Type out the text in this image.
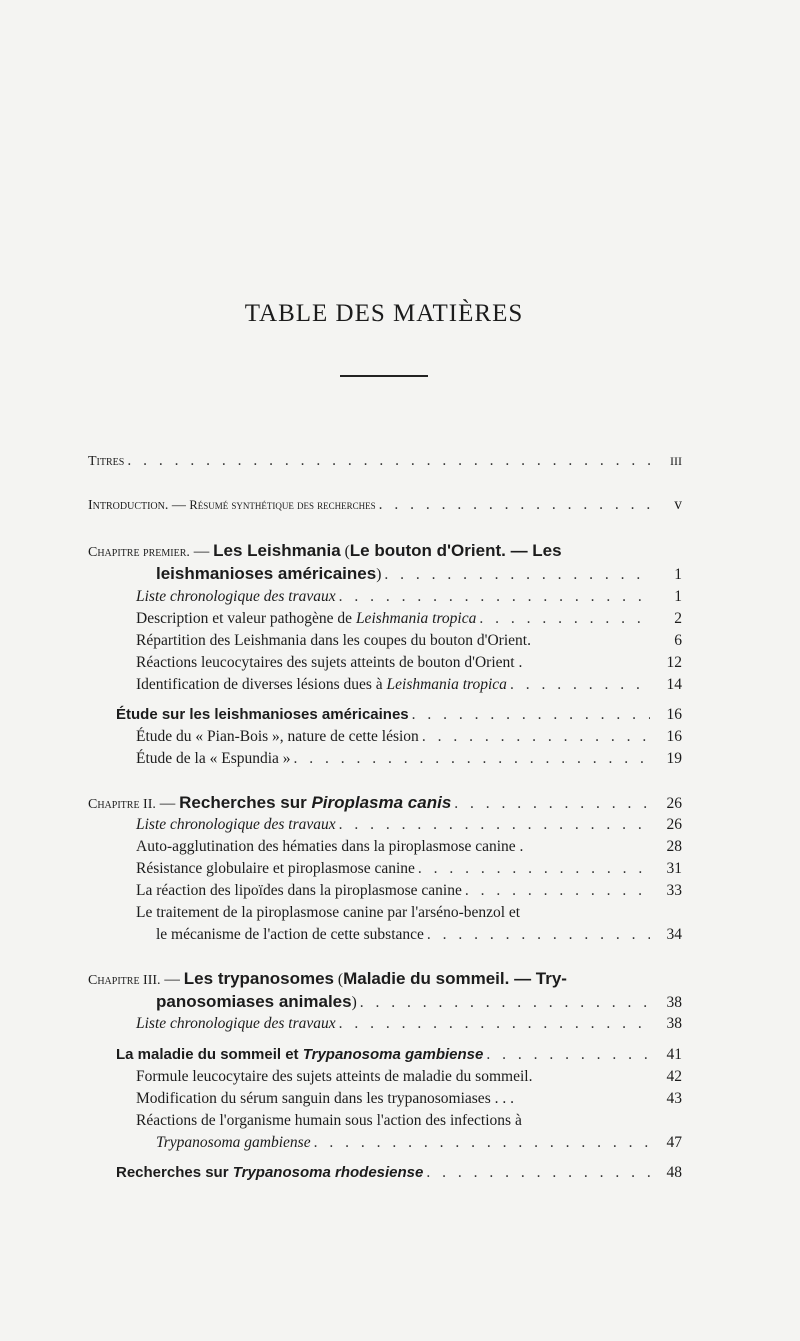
TABLE DES MATIÈRES
Titres . . .	III
Introduction. — Résumé synthétique des recherches . . .	v
Chapitre premier. — Les Leishmania (Le bouton d'Orient. — Les
leishmanioses américaines) . . .	1
Liste chronologique des travaux . . .	1
Description et valeur pathogène de Leishmania tropica . . .	2
Répartition des Leishmania dans les coupes du bouton d'Orient.	6
Réactions leucocytaires des sujets atteints de bouton d'Orient .	12
Identification de diverses lésions dues à Leishmania tropica . . .	14
Étude sur les leishmanioses américaines . . .	16
Étude du « Pian-Bois », nature de cette lésion . . .	16
Étude de la « Espundia » . . .	19
Chapitre II. — Recherches sur Piroplasma canis . . .	26
Liste chronologique des travaux . . .	26
Auto-agglutination des hématies dans la piroplasmose canine .	28
Résistance globulaire et piroplasmose canine . . .	31
La réaction des lipoïdes dans la piroplasmose canine . . .	33
Le traitement de la piroplasmose canine par l'arséno-benzol et
le mécanisme de l'action de cette substance . . .	34
Chapitre III. — Les trypanosomes (Maladie du sommeil. — Try-
panosomiases animales) . . .	38
Liste chronologique des travaux . . .	38
La maladie du sommeil et Trypanosoma gambiense . . .	41
Formule leucocytaire des sujets atteints de maladie du sommeil.	42
Modification du sérum sanguin dans les trypanosomiases . . .	43
Réactions de l'organisme humain sous l'action des infections à
Trypanosoma gambiense . . .	47
Recherches sur Trypanosoma rhodesiense . . .	48
